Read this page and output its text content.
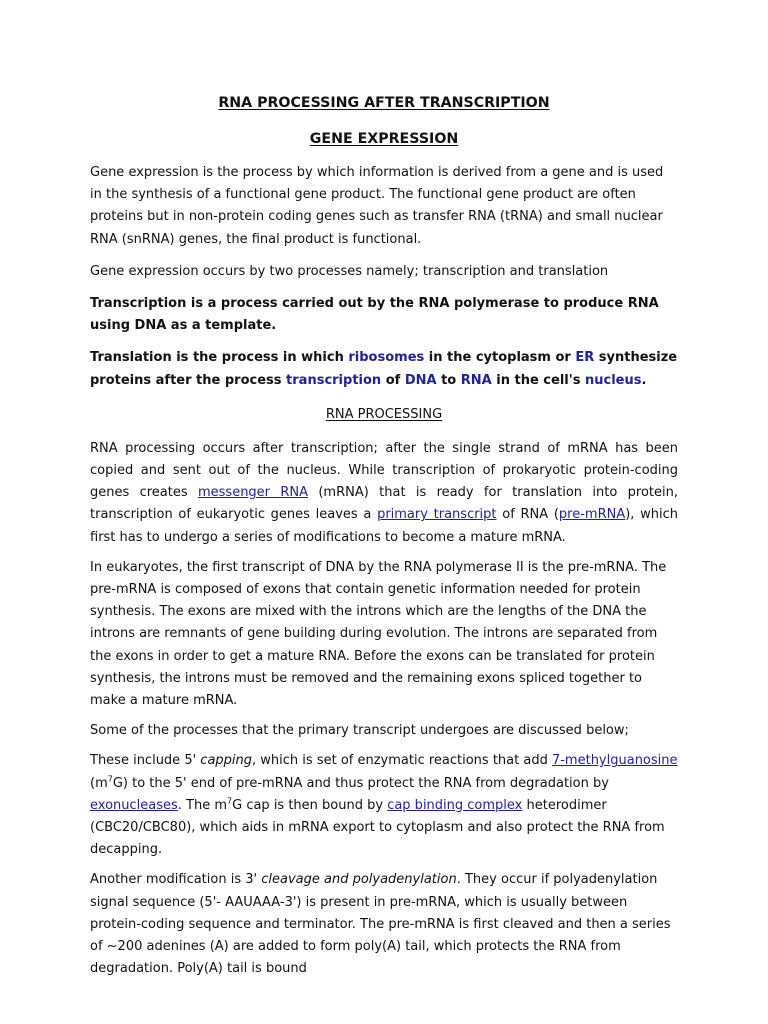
RNA PROCESSING AFTER TRANSCRIPTION

GENE EXPRESSION

Gene expression is the process by which information is derived from a gene and is used in the synthesis of a functional gene product. The functional gene product are often proteins but in non-protein coding genes such as transfer RNA (tRNA) and small nuclear RNA (snRNA) genes, the final product is functional.

Gene expression occurs by two processes namely; transcription and translation

Transcription is a process carried out by the RNA polymerase to produce RNA using DNA as a template.

Translation is the process in which ribosomes in the cytoplasm or ER synthesize proteins after the process transcription of DNA to RNA in the cell's nucleus.

RNA PROCESSING

RNA processing occurs after transcription; after the single strand of mRNA has been copied and sent out of the nucleus. While transcription of prokaryotic protein-coding genes creates messenger RNA (mRNA) that is ready for translation into protein, transcription of eukaryotic genes leaves a primary transcript of RNA (pre-mRNA), which first has to undergo a series of modifications to become a mature mRNA.

In eukaryotes, the first transcript of DNA by the RNA polymerase II is the pre-mRNA. The pre-mRNA is composed of exons that contain genetic information needed for protein synthesis. The exons are mixed with the introns which are the lengths of the DNA the introns are remnants of gene building during evolution. The introns are separated from the exons in order to get a mature RNA. Before the exons can be translated for protein synthesis, the introns must be removed and the remaining exons spliced together to make a mature mRNA.

Some of the processes that the primary transcript undergoes are discussed below;

These include 5' capping, which is set of enzymatic reactions that add 7-methylguanosine $(m^7G)$ to the 5' end of pre-mRNA and thus protect the RNA from degradation by exonucleases. The $m^7G$ cap is then bound by cap binding complex heterodimer (CBC20/CBC80), which aids in mRNA export to cytoplasm and also protect the RNA from decapping.

Another modification is 3' cleavage and polyadenylation. They occur if polyadenylation signal sequence (5'- AAUAAA-3') is present in pre-mRNA, which is usually between protein-coding sequence and terminator. The pre-mRNA is first cleaved and then a series of ~200 adenines (A) are added to form poly(A) tail, which protects the RNA from degradation. Poly(A) tail is bound
